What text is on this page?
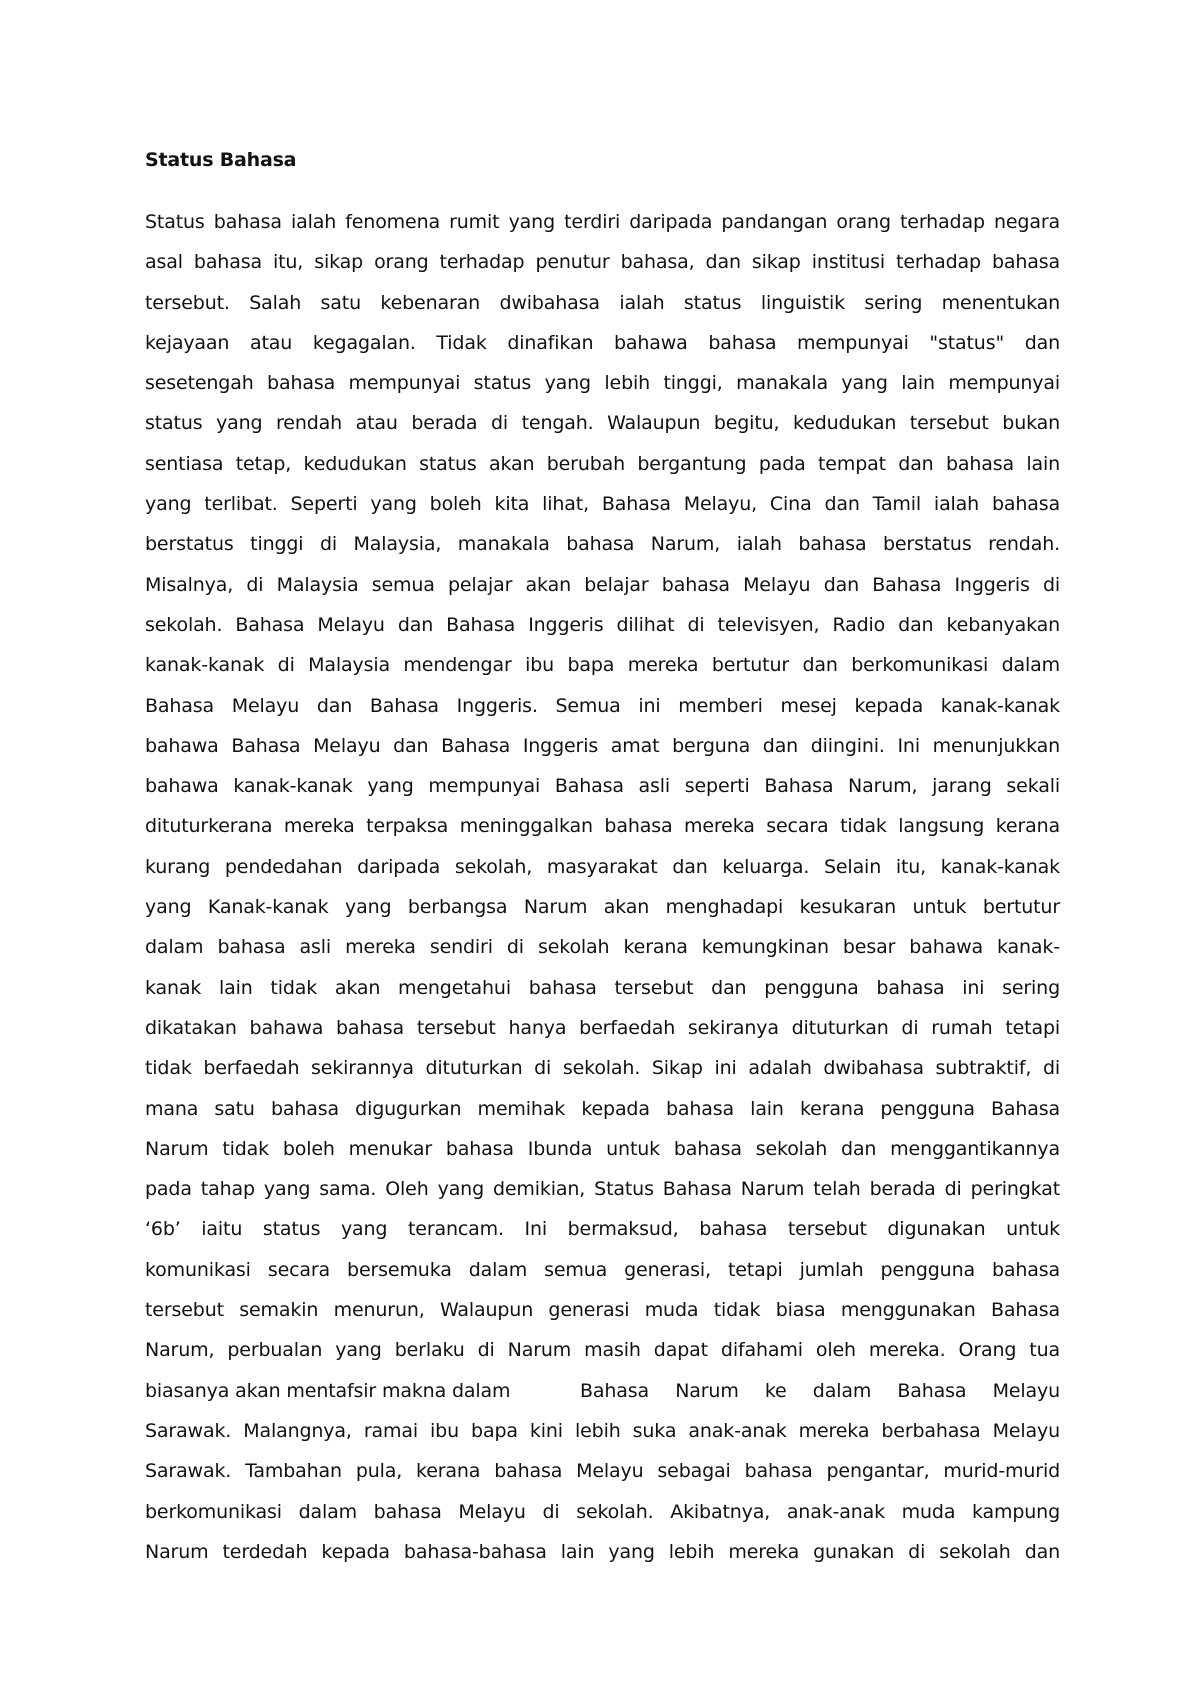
Status Bahasa
Status bahasa ialah fenomena rumit yang terdiri daripada pandangan orang terhadap negara
asal bahasa itu, sikap orang terhadap penutur bahasa, dan sikap institusi terhadap bahasa
tersebut. Salah satu kebenaran dwibahasa ialah status linguistik sering menentukan
kejayaan atau kegagalan. Tidak dinafikan bahawa bahasa mempunyai "status" dan
sesetengah bahasa mempunyai status yang lebih tinggi, manakala yang lain mempunyai
status yang rendah atau berada di tengah. Walaupun begitu, kedudukan tersebut bukan
sentiasa tetap, kedudukan status akan berubah bergantung pada tempat dan bahasa lain
yang terlibat. Seperti yang boleh kita lihat, Bahasa Melayu, Cina dan Tamil ialah bahasa
berstatus tinggi di Malaysia, manakala bahasa Narum, ialah bahasa berstatus rendah.
Misalnya, di Malaysia semua pelajar akan belajar bahasa Melayu dan Bahasa Inggeris di
sekolah. Bahasa Melayu dan Bahasa Inggeris dilihat di televisyen, Radio dan kebanyakan
kanak-kanak di Malaysia mendengar ibu bapa mereka bertutur dan berkomunikasi dalam
Bahasa Melayu dan Bahasa Inggeris. Semua ini memberi mesej kepada kanak-kanak
bahawa Bahasa Melayu dan Bahasa Inggeris amat berguna dan diingini. Ini menunjukkan
bahawa kanak-kanak yang mempunyai Bahasa asli seperti Bahasa Narum, jarang sekali
dituturkerana mereka terpaksa meninggalkan bahasa mereka secara tidak langsung kerana
kurang pendedahan daripada sekolah, masyarakat dan keluarga. Selain itu, kanak-kanak
yang Kanak-kanak yang berbangsa Narum akan menghadapi kesukaran untuk bertutur
dalam bahasa asli mereka sendiri di sekolah kerana kemungkinan besar bahawa kanak-
kanak lain tidak akan mengetahui bahasa tersebut dan pengguna bahasa ini sering
dikatakan bahawa bahasa tersebut hanya berfaedah sekiranya dituturkan di rumah tetapi
tidak berfaedah sekirannya dituturkan di sekolah. Sikap ini adalah dwibahasa subtraktif, di
mana satu bahasa digugurkan memihak kepada bahasa lain kerana pengguna Bahasa
Narum tidak boleh menukar bahasa Ibunda untuk bahasa sekolah dan menggantikannya
pada tahap yang sama. Oleh yang demikian, Status Bahasa Narum telah berada di peringkat
‘6b’ iaitu status yang terancam. Ini bermaksud, bahasa tersebut digunakan untuk
komunikasi secara bersemuka dalam semua generasi, tetapi jumlah pengguna bahasa
tersebut semakin menurun, Walaupun generasi muda tidak biasa menggunakan Bahasa
Narum, perbualan yang berlaku di Narum masih dapat difahami oleh mereka. Orang tua
biasanya akan mentafsir makna dalam	Bahasa Narum ke dalam Bahasa Melayu
Sarawak. Malangnya, ramai ibu bapa kini lebih suka anak-anak mereka berbahasa Melayu
Sarawak. Tambahan pula, kerana bahasa Melayu sebagai bahasa pengantar, murid-murid
berkomunikasi dalam bahasa Melayu di sekolah. Akibatnya, anak-anak muda kampung
Narum terdedah kepada bahasa-bahasa lain yang lebih mereka gunakan di sekolah dan
